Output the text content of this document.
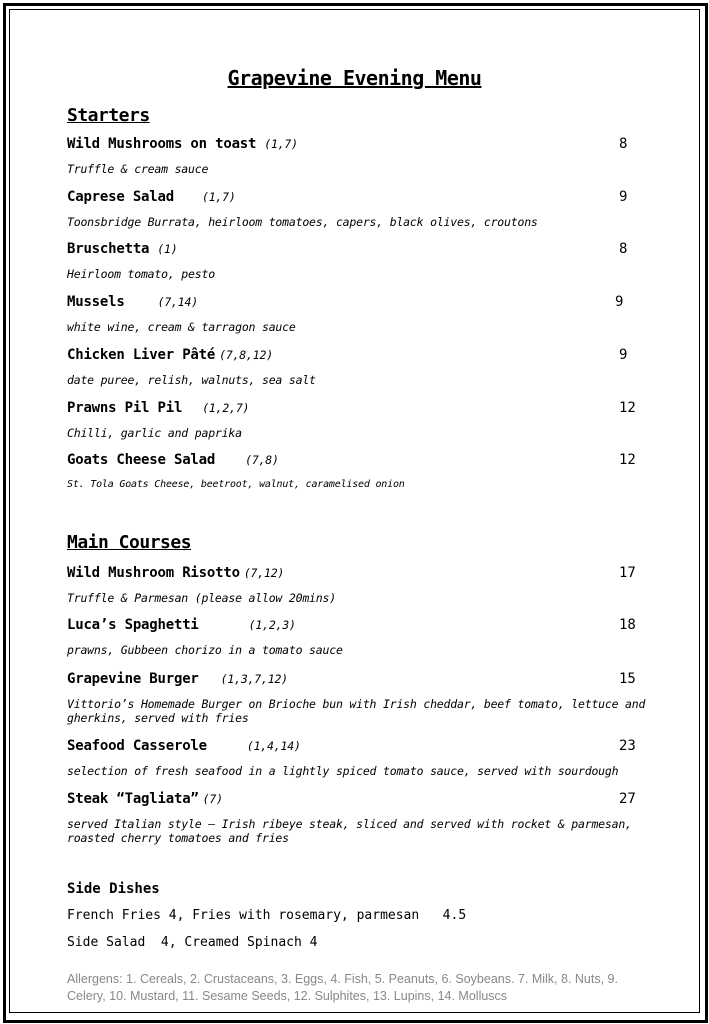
Grapevine Evening Menu
Starters
Wild Mushrooms on toast (1,7)	8
Truffle & cream sauce
Caprese Salad (1,7)	9
Toonsbridge Burrata, heirloom tomatoes, capers, black olives, croutons
Bruschetta (1)	8
Heirloom tomato, pesto
Mussels	(7,14)	9
white wine, cream & tarragon sauce
Chicken Liver Pâté (7,8,12)	9
date puree, relish, walnuts, sea salt
Prawns Pil Pil (1,2,7)	12
Chilli, garlic and paprika
Goats Cheese Salad	(7,8)	12
St. Tola Goats Cheese, beetroot, walnut, caramelised onion
Main Courses
Wild Mushroom Risotto (7,12)	17
Truffle & Parmesan (please allow 20mins)
Luca’s Spaghetti	(1,2,3)	18
prawns, Gubbeen chorizo in a tomato sauce
Grapevine Burger (1,3,7,12)	15
Vittorio’s Homemade Burger on Brioche bun with Irish cheddar, beef tomato, lettuce and gherkins, served with fries
Seafood Casserole	(1,4,14)	23
selection of fresh seafood in a lightly spiced tomato sauce, served with sourdough
Steak “Tagliata” (7)	27
served Italian style – Irish ribeye steak, sliced and served with rocket & parmesan, roasted cherry tomatoes and fries
Side Dishes
French Fries 4, Fries with rosemary, parmesan   4.5
Side Salad  4, Creamed Spinach 4
Allergens: 1. Cereals, 2. Crustaceans, 3. Eggs, 4. Fish, 5. Peanuts, 6. Soybeans. 7. Milk, 8. Nuts, 9. Celery, 10. Mustard, 11. Sesame Seeds, 12. Sulphites, 13. Lupins, 14. Molluscs
